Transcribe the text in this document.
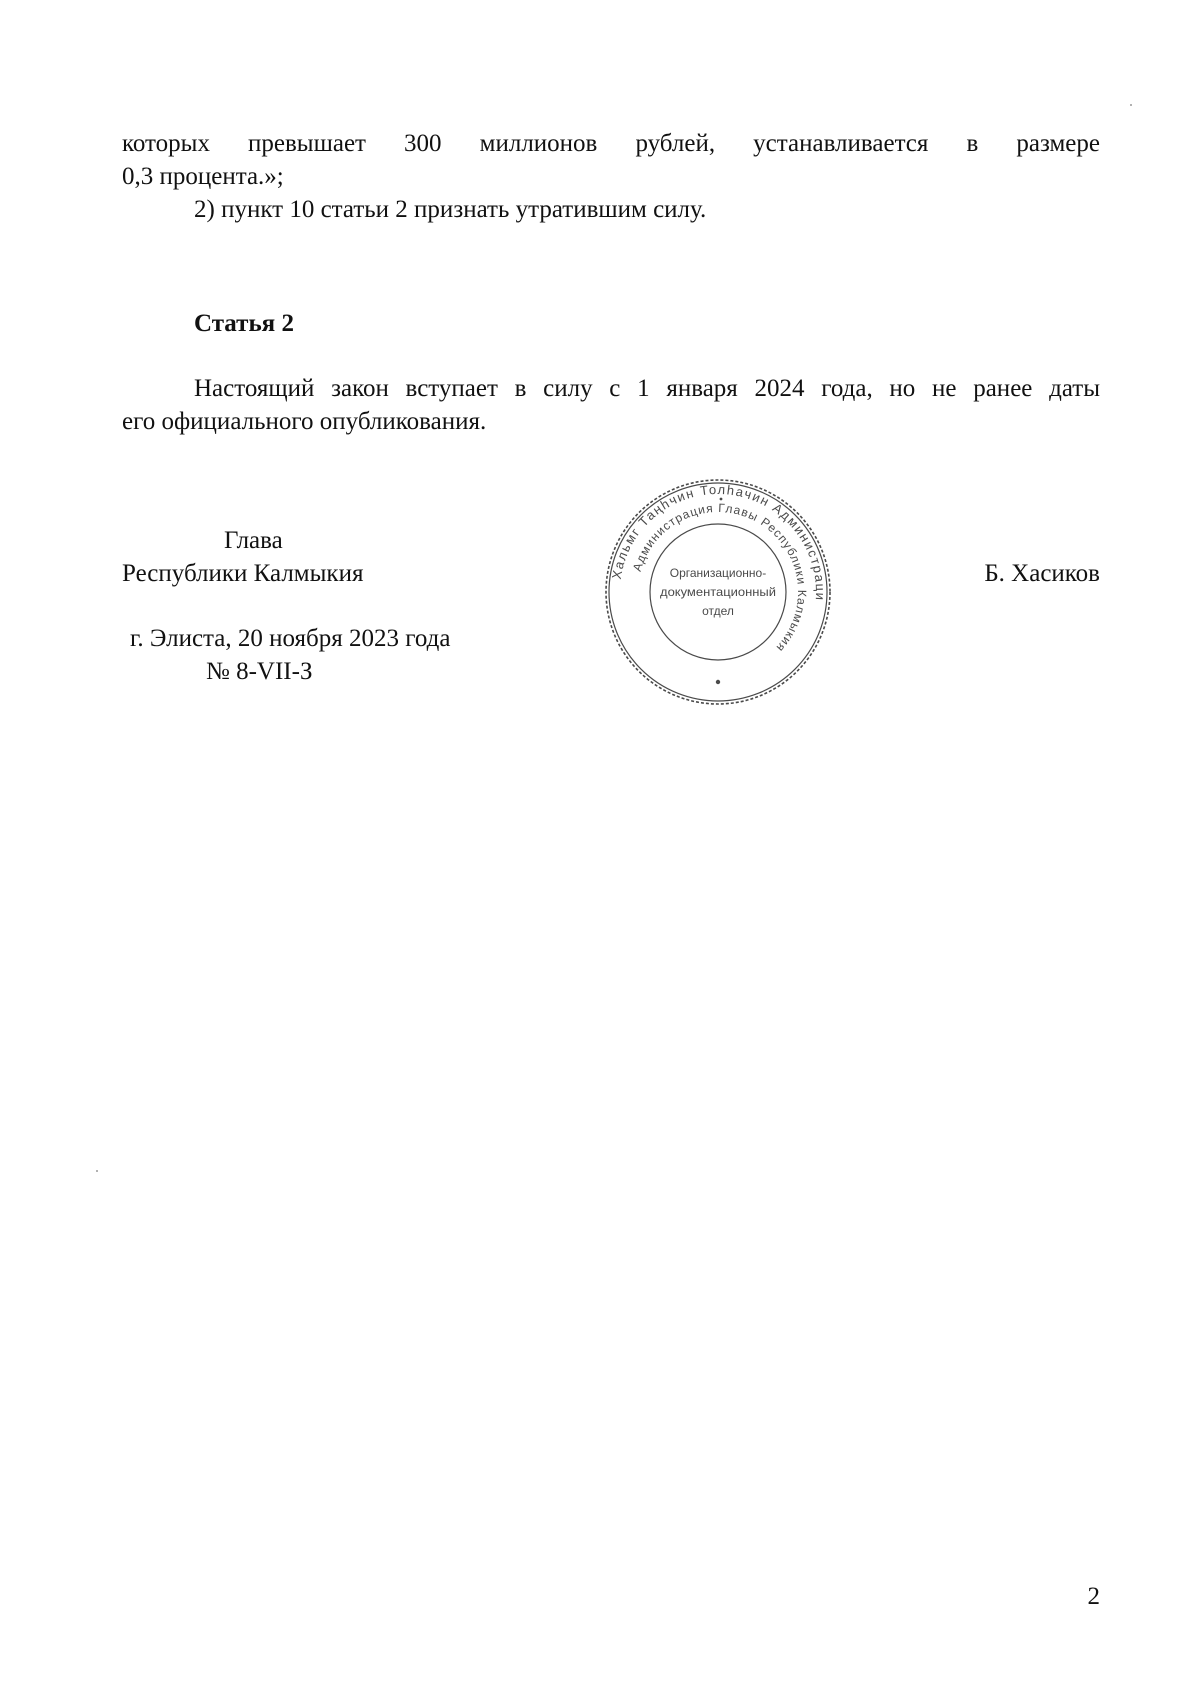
которых превышает 300 миллионов рублей, устанавливается в размере
0,3 процента.»;
2) пункт 10 статьи 2 признать утратившим силу.
Статья 2
Настоящий закон вступает в силу с 1 января 2024 года, но не ранее даты
его официального опубликования.
Глава
Республики Калмыкия	Б. Хасиков
г. Элиста, 20 ноября 2023 года
№ 8-VII-З
Хальмг Таңһчин Толһачин Администраци
Администрация Главы Республики Калмыкия
Организационно-
документационный
отдел
2
